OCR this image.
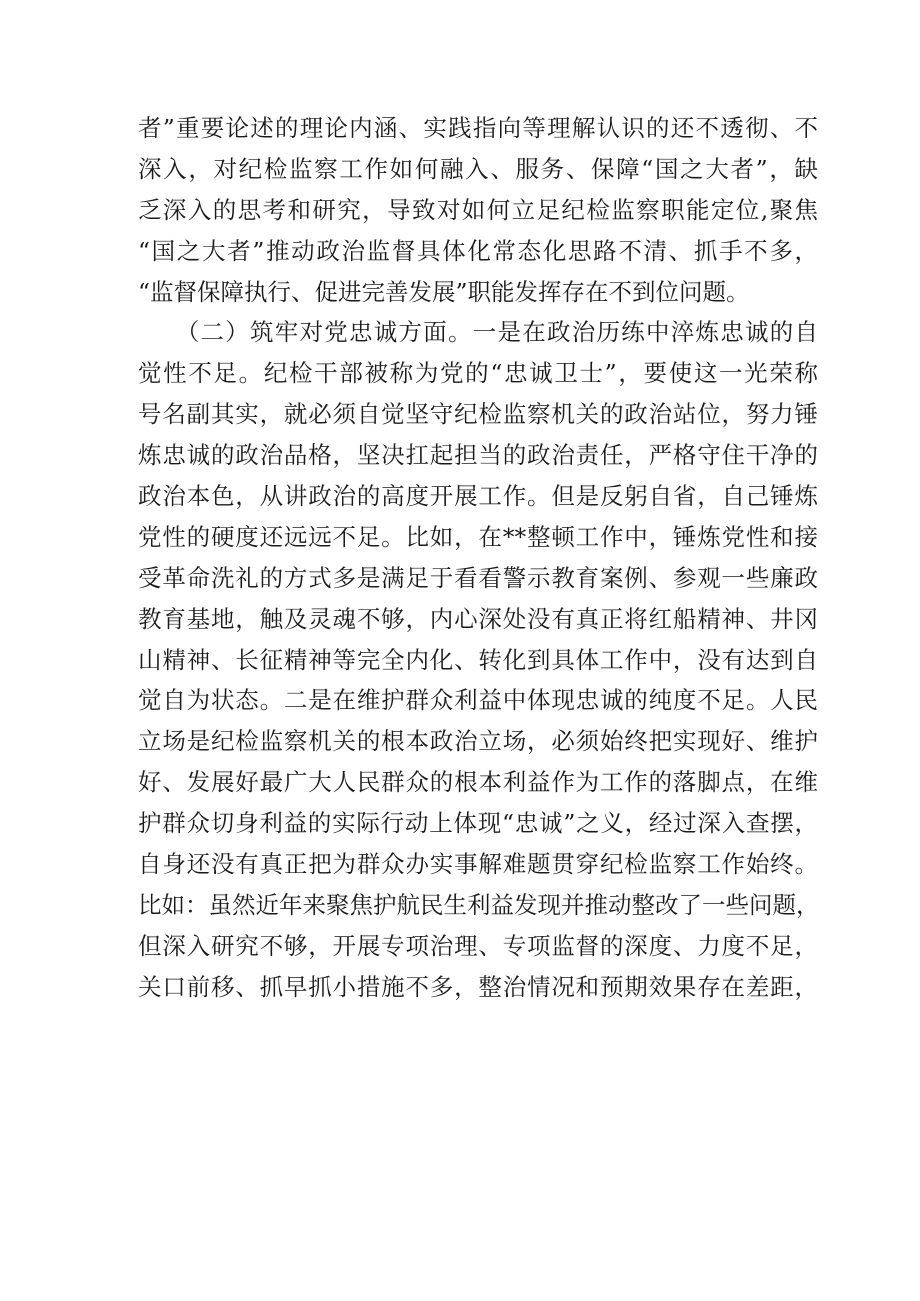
者”重要论述的理论内涵、实践指向等理解认识的还不透彻、不
深入，对纪检监察工作如何融入、服务、保障“国之大者”，缺
乏深入的思考和研究，导致对如何立足纪检监察职能定位,聚焦
“国之大者”推动政治监督具体化常态化思路不清、抓手不多，
“监督保障执行、促进完善发展”职能发挥存在不到位问题。
　　（二）筑牢对党忠诚方面。一是在政治历练中淬炼忠诚的自
觉性不足。纪检干部被称为党的“忠诚卫士”，要使这一光荣称
号名副其实，就必须自觉坚守纪检监察机关的政治站位，努力锤
炼忠诚的政治品格，坚决扛起担当的政治责任，严格守住干净的
政治本色，从讲政治的高度开展工作。但是反躬自省，自己锤炼
党性的硬度还远远不足。比如，在**整顿工作中，锤炼党性和接
受革命洗礼的方式多是满足于看看警示教育案例、参观一些廉政
教育基地，触及灵魂不够，内心深处没有真正将红船精神、井冈
山精神、长征精神等完全内化、转化到具体工作中，没有达到自
觉自为状态。二是在维护群众利益中体现忠诚的纯度不足。人民
立场是纪检监察机关的根本政治立场，必须始终把实现好、维护
好、发展好最广大人民群众的根本利益作为工作的落脚点，在维
护群众切身利益的实际行动上体现“忠诚”之义，经过深入查摆，
自身还没有真正把为群众办实事解难题贯穿纪检监察工作始终。
比如：虽然近年来聚焦护航民生利益发现并推动整改了一些问题，
但深入研究不够，开展专项治理、专项监督的深度、力度不足，
关口前移、抓早抓小措施不多，整治情况和预期效果存在差距，
